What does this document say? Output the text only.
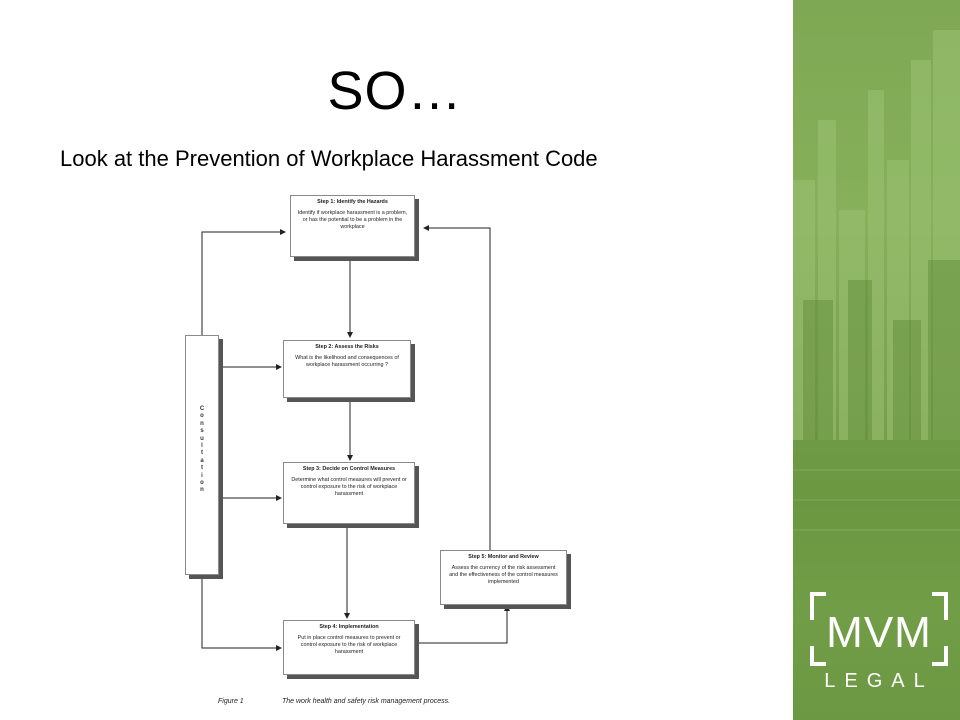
SO…
Look at the Prevention of Workplace Harassment Code
Step 1: Identify the Hazards
Identify if workplace harassment is a problem, or has the potential to be a problem in the workplace
Step 2: Assess the Risks
What is the likelihood and consequences of workplace harassment occurring ?
Step 3: Decide on Control Measures
Determine what control measures will prevent or control exposure to the risk of workplace harassment
Step 4: Implementation
Put in place control measures to prevent or control exposure to the risk of workplace harassment
Step 5: Monitor and Review
Assess the currency of the risk assessment and the effectiveness of the control measures implemented
C
o
n
s
u
l
t
a
t
i
o
n
Figure 1	The work health and safety risk management process.
MVM
LEGAL
